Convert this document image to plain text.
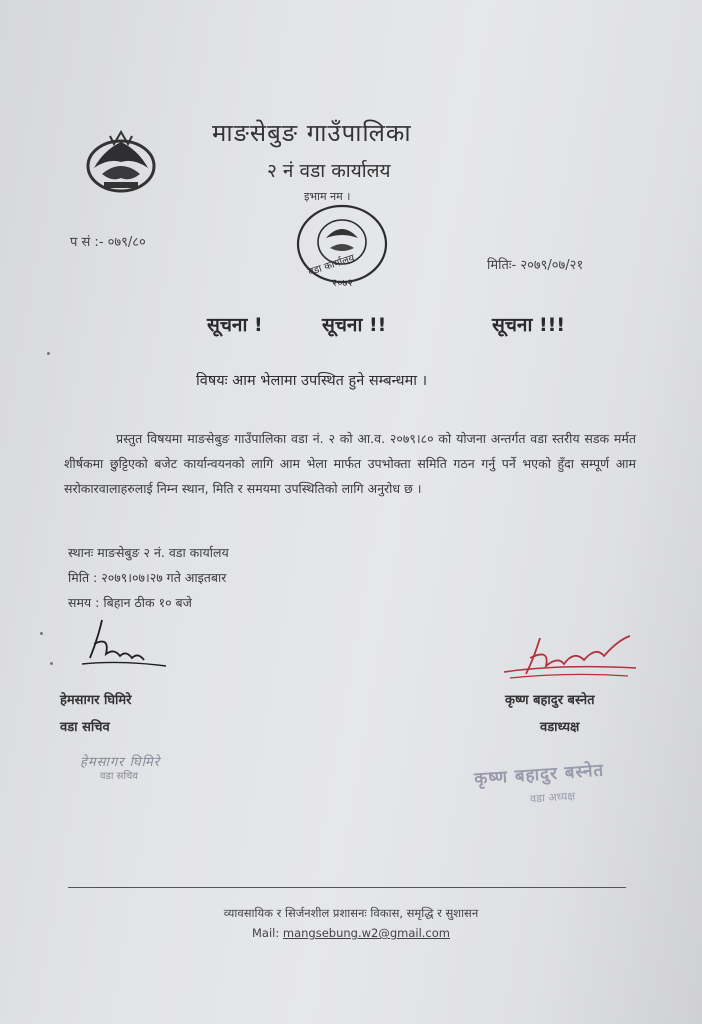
माङसेबुङ गाउँपालिका
२ नं वडा कार्यालय
प सं :- ०७९/८०
मितिः- २०७९/०७/२१
इभाम नम ।
वडा कार्यालय
२०७२
सूचना !	सूचना !!	सूचना !!!
विषयः आम भेलामा उपस्थित हुने सम्बन्धमा ।
प्रस्तुत विषयमा माङसेबुङ गाउँपालिका वडा नं. २ को आ.व. २०७९।८० को योजना अन्तर्गत वडा स्तरीय सडक मर्मत शीर्षकमा छुट्टिएको बजेट कार्यान्वयनको लागि आम भेला मार्फत उपभोक्ता समिति गठन गर्नु पर्ने भएको हुँदा सम्पूर्ण आम सरोकारवालाहरुलाई निम्न स्थान, मिति र समयमा उपस्थितिको लागि अनुरोध छ ।
स्थानः माङसेबुङ २ नं. वडा कार्यालय
मिति : २०७९।०७।२७ गते आइतबार
समय : बिहान ठीक १० बजे
हेमसागर घिमिरे
वडा सचिव
कृष्ण बहादुर बस्नेत
वडाध्यक्ष
हेमसागर घिमिरे
वडा सचिव	कृष्ण बहादुर बस्नेत
वडा अध्यक्ष
व्यावसायिक र सिर्जनशील प्रशासनः विकास, समृद्धि र सुशासन
Mail: mangsebung.w2@gmail.com
